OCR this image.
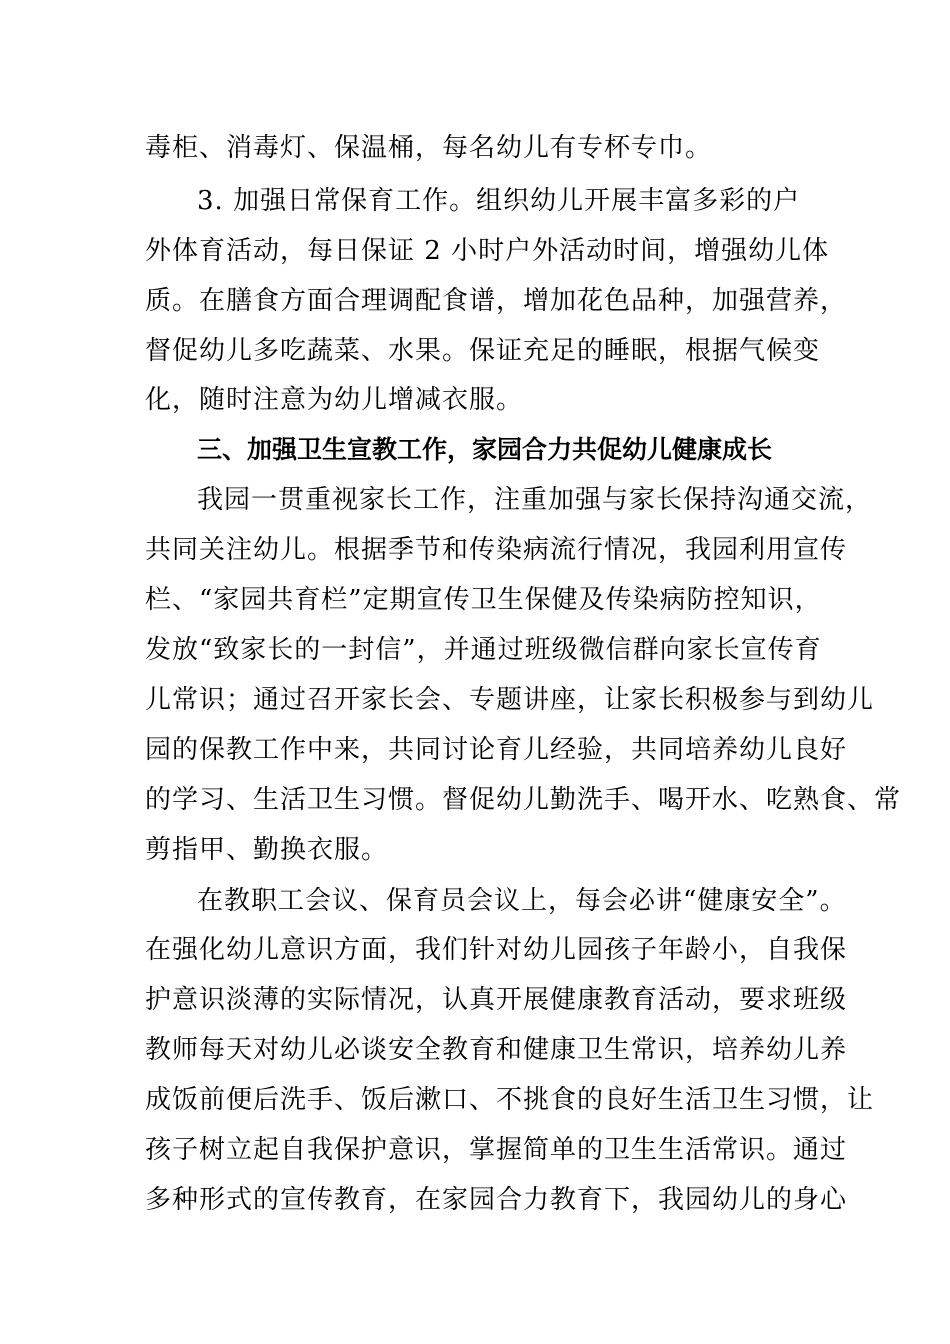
毒柜、消毒灯、保温桶，每名幼儿有专杯专巾。
3. 加强日常保育工作。组织幼儿开展丰富多彩的户
外体育活动，每日保证 2 小时户外活动时间，增强幼儿体
质。在膳食方面合理调配食谱，增加花色品种，加强营养，
督促幼儿多吃蔬菜、水果。保证充足的睡眠，根据气候变
化，随时注意为幼儿增减衣服。
三、加强卫生宣教工作，家园合力共促幼儿健康成长
我园一贯重视家长工作，注重加强与家长保持沟通交流，
共同关注幼儿。根据季节和传染病流行情况，我园利用宣传
栏、“家园共育栏”定期宣传卫生保健及传染病防控知识，
发放“致家长的一封信”，并通过班级微信群向家长宣传育
儿常识；通过召开家长会、专题讲座，让家长积极参与到幼儿
园的保教工作中来，共同讨论育儿经验，共同培养幼儿良好
的学习、生活卫生习惯。督促幼儿勤洗手、喝开水、吃熟食、常
剪指甲、勤换衣服。
在教职工会议、保育员会议上，每会必讲“健康安全”。
在强化幼儿意识方面，我们针对幼儿园孩子年龄小，自我保
护意识淡薄的实际情况，认真开展健康教育活动，要求班级
教师每天对幼儿必谈安全教育和健康卫生常识，培养幼儿养
成饭前便后洗手、饭后漱口、不挑食的良好生活卫生习惯，让
孩子树立起自我保护意识，掌握简单的卫生生活常识。通过
多种形式的宣传教育，在家园合力教育下，我园幼儿的身心
